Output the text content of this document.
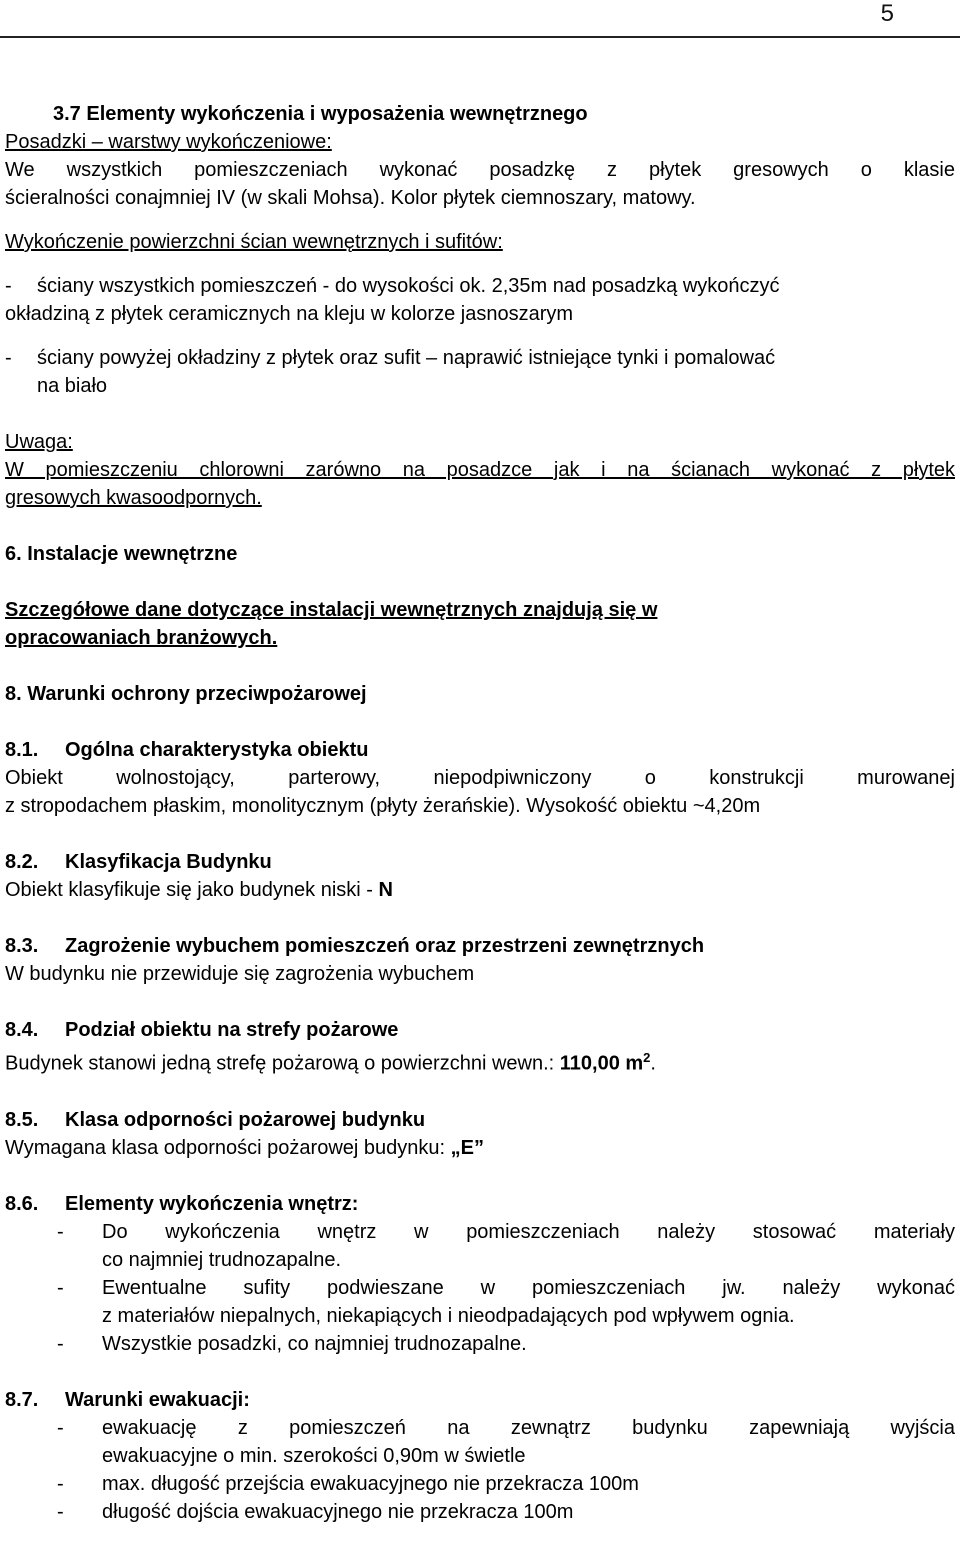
5
3.7 Elementy wykończenia i wyposażenia wewnętrznego
Posadzki – warstwy wykończeniowe:
We wszystkich pomieszczeniach wykonać posadzkę z płytek gresowych o klasie
ścieralności conajmniej IV (w skali Mohsa). Kolor płytek ciemnoszary, matowy.
Wykończenie powierzchni ścian wewnętrznych i sufitów:
-	ściany wszystkich pomieszczeń - do wysokości ok. 2,35m nad posadzką wykończyć
okładziną z płytek ceramicznych na kleju w kolorze jasnoszarym
-	ściany powyżej okładziny z płytek oraz sufit – naprawić istniejące tynki i pomalować
na biało
Uwaga:
W pomieszczeniu chlorowni zarówno na posadzce jak i na ścianach wykonać z płytek
gresowych kwasoodpornych.
6. Instalacje wewnętrzne
Szczegółowe dane dotyczące instalacji wewnętrznych znajdują się w
opracowaniach branżowych.
8. Warunki ochrony przeciwpożarowej
8.1. Ogólna charakterystyka obiektu
Obiekt wolnostojący, parterowy, niepodpiwniczony o konstrukcji murowanej
z stropodachem płaskim, monolitycznym (płyty żerańskie). Wysokość obiektu ~4,20m
8.2. Klasyfikacja Budynku
Obiekt klasyfikuje się jako budynek niski - N
8.3. Zagrożenie wybuchem pomieszczeń oraz przestrzeni zewnętrznych
W budynku nie przewiduje się zagrożenia wybuchem
8.4. Podział obiektu na strefy pożarowe
Budynek stanowi jedną strefę pożarową o powierzchni wewn.: 110,00 $m^2$.
8.5. Klasa odporności pożarowej budynku
Wymagana klasa odporności pożarowej budynku: „E”
8.6. Elementy wykończenia wnętrz:
-	Do wykończenia wnętrz w pomieszczeniach należy stosować materiały
co najmniej trudnozapalne.
-	Ewentualne sufity podwieszane w pomieszczeniach jw. należy wykonać
z materiałów niepalnych, niekapiących i nieodpadających pod wpływem ognia.
-	Wszystkie posadzki, co najmniej trudnozapalne.
8.7. Warunki ewakuacji:
-	ewakuację z pomieszczeń na zewnątrz budynku zapewniają wyjścia
ewakuacyjne o min. szerokości 0,90m w świetle
-	max. długość przejścia ewakuacyjnego nie przekracza 100m
-	długość dojścia ewakuacyjnego nie przekracza 100m
